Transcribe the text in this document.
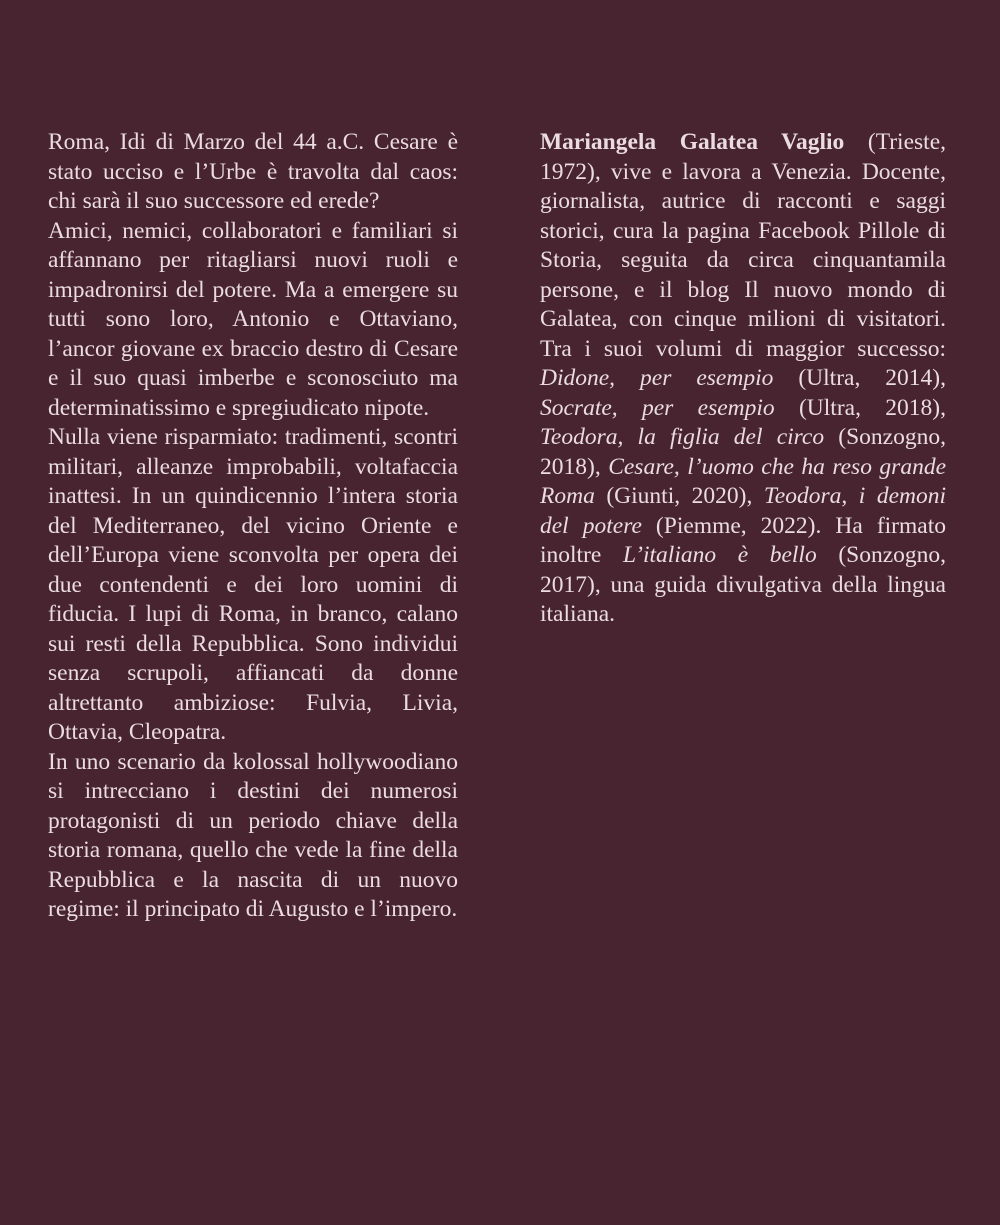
Roma, Idi di Marzo del 44 a.C. Cesare è stato ucciso e l’Urbe è travolta dal caos: chi sarà il suo successore ed erede?

Amici, nemici, collaboratori e familiari si affannano per ritagliarsi nuovi ruoli e impadronirsi del potere. Ma a emergere su tutti sono loro, Antonio e Ottaviano, l’ancor giovane ex braccio destro di Cesare e il suo quasi imberbe e sconosciuto ma determinatissimo e spregiudicato nipote.

Nulla viene risparmiato: tradimenti, scontri militari, alleanze improbabili, voltafaccia inattesi. In un quindicennio l’intera storia del Mediterraneo, del vicino Oriente e dell’Europa viene sconvolta per opera dei due contendenti e dei loro uomini di fiducia. I lupi di Roma, in branco, calano sui resti della Repubblica. Sono individui senza scrupoli, affiancati da donne altrettanto ambiziose: Fulvia, Livia, Ottavia, Cleopatra.

In uno scenario da kolossal hollywoodiano si intrecciano i destini dei numerosi protagonisti di un periodo chiave della storia romana, quello che vede la fine della Repubblica e la nascita di un nuovo regime: il principato di Augusto e l’impero.

Mariangela Galatea Vaglio (Trieste, 1972), vive e lavora a Venezia. Docente, giornalista, autrice di racconti e saggi storici, cura la pagina Facebook Pillole di Storia, seguita da circa cinquantamila persone, e il blog Il nuovo mondo di Galatea, con cinque milioni di visitatori. Tra i suoi volumi di maggior successo: Didone, per esempio (Ultra, 2014), Socrate, per esempio (Ultra, 2018), Teodora, la figlia del circo (Sonzogno, 2018), Cesare, l’uomo che ha reso grande Roma (Giunti, 2020), Teodora, i demoni del potere (Piemme, 2022). Ha firmato inoltre L’italiano è bello (Sonzogno, 2017), una guida divulgativa della lingua italiana.
